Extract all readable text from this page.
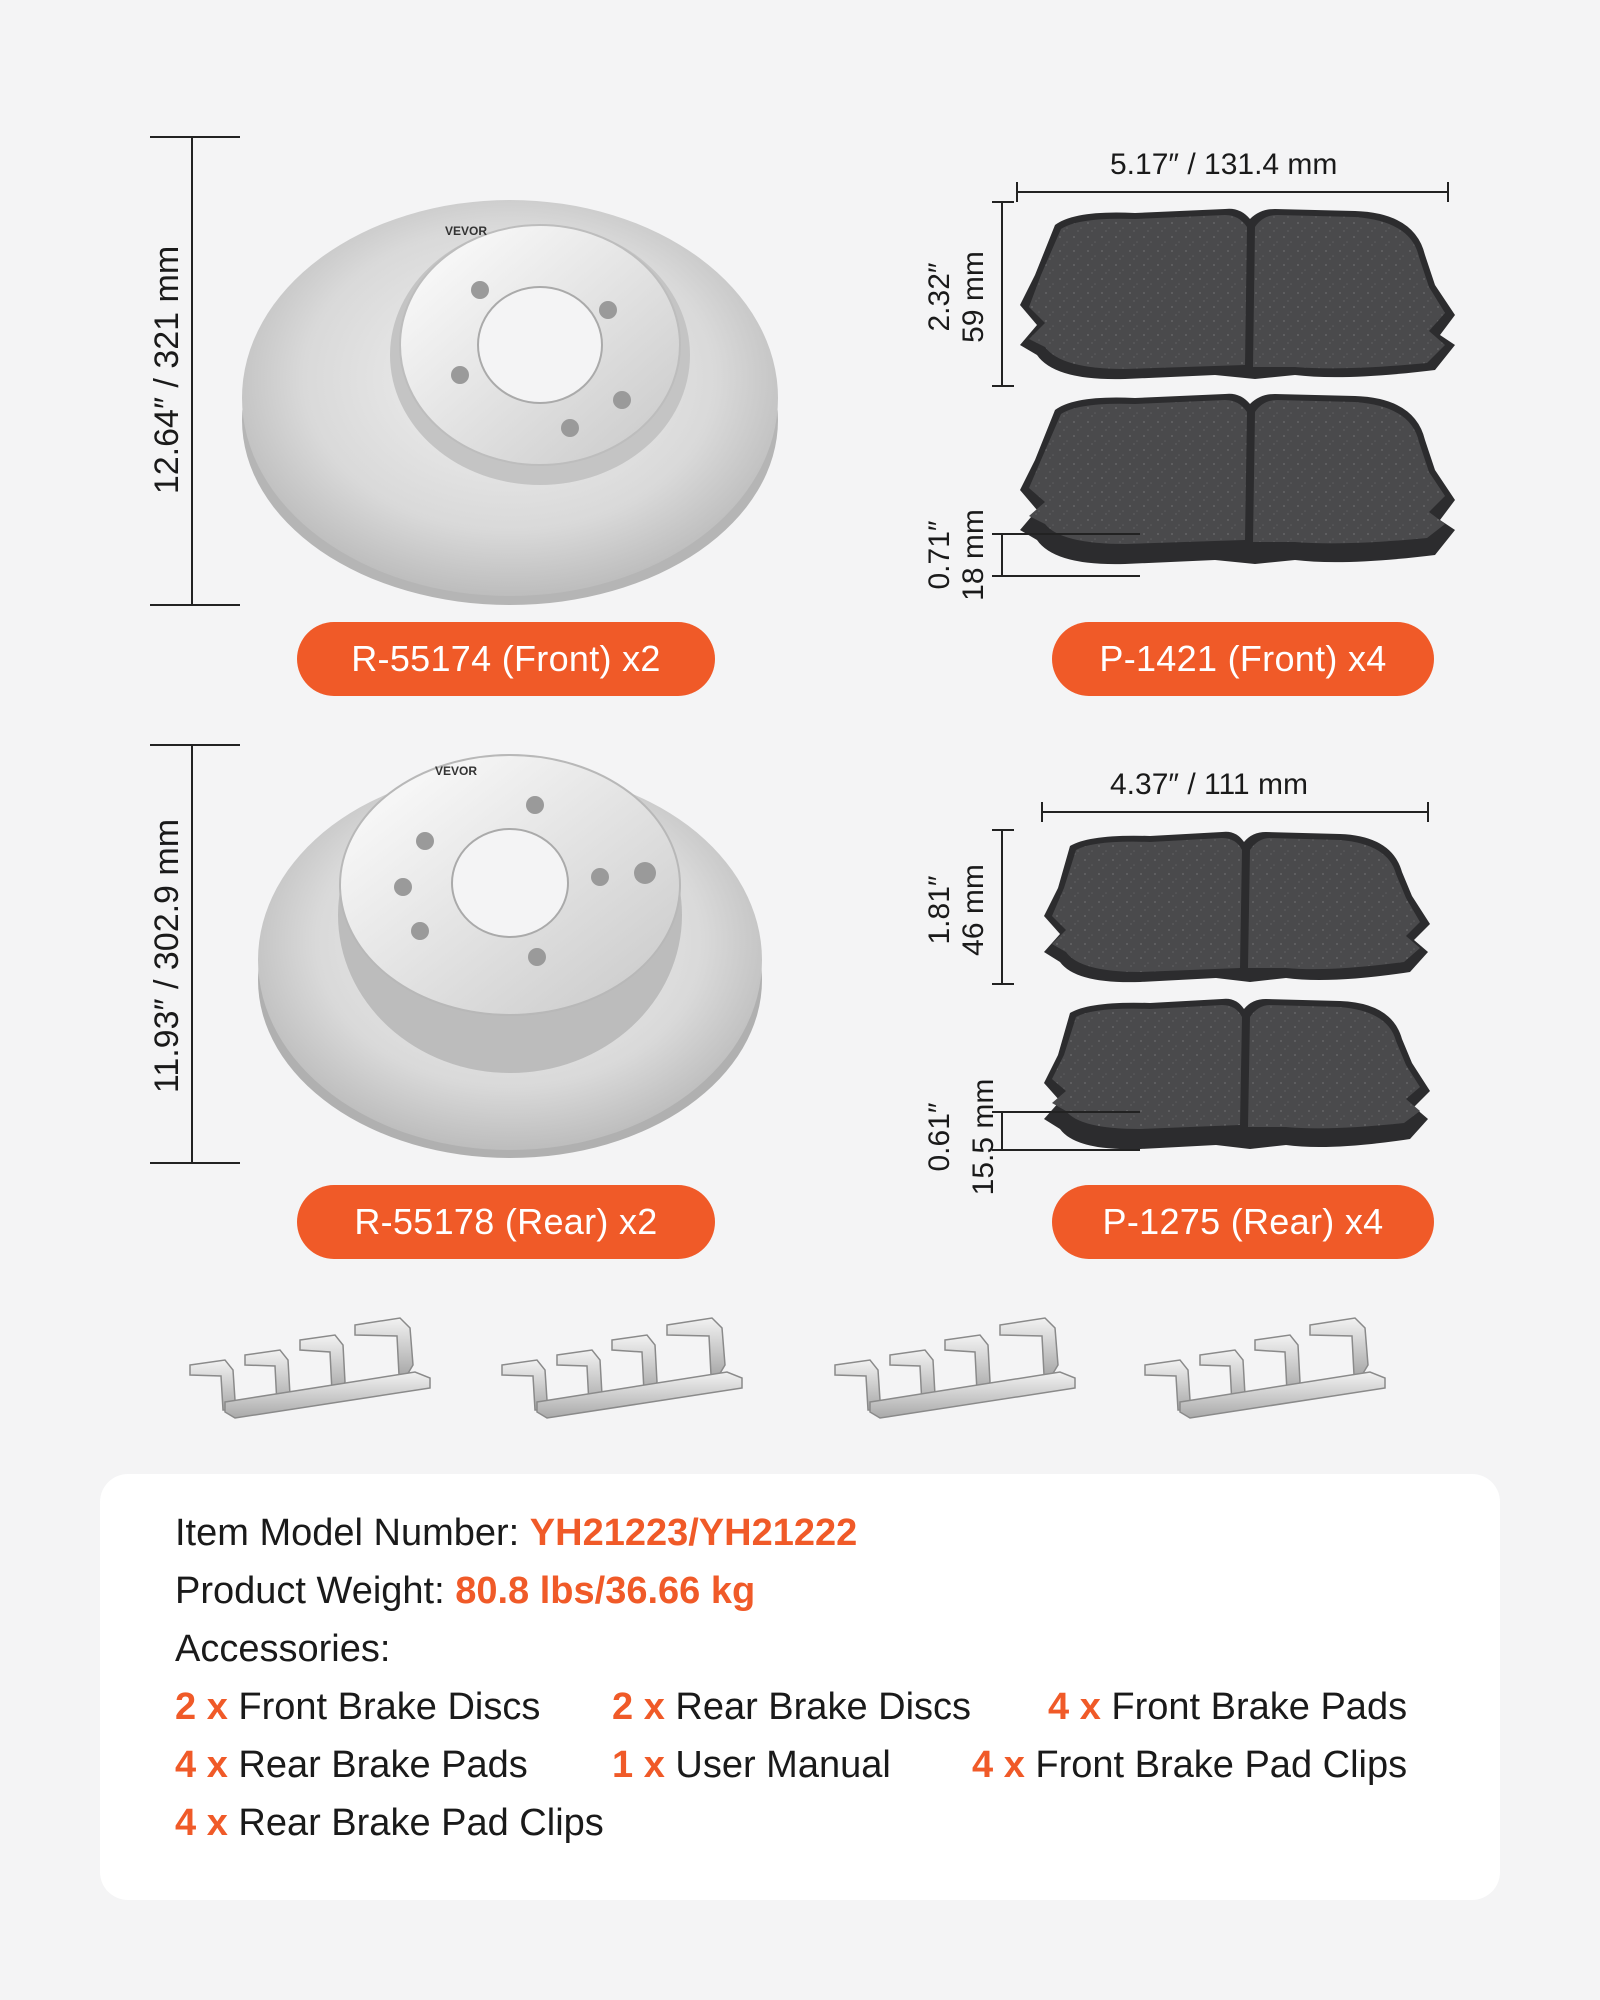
12.64″ / 321 mm
VEVOR
R-55174 (Front) x2
5.17″ / 131.4 mm
2.32″ 59 mm
0.71″ 18 mm
P-1421 (Front) x4
11.93″ / 302.9 mm
VEVOR
R-55178 (Rear) x2
4.37″ / 111 mm
1.81″ 46 mm
0.61″ 15.5 mm
P-1275 (Rear) x4
Item Model Number: YH21223/YH21222
Product Weight: 80.8 lbs/36.66 kg
Accessories:
2 x Front Brake Discs 2 x Rear Brake Discs 4 x Front Brake Pads
4 x Rear Brake Pads 1 x User Manual 4 x Front Brake Pad Clips
4 x Rear Brake Pad Clips
